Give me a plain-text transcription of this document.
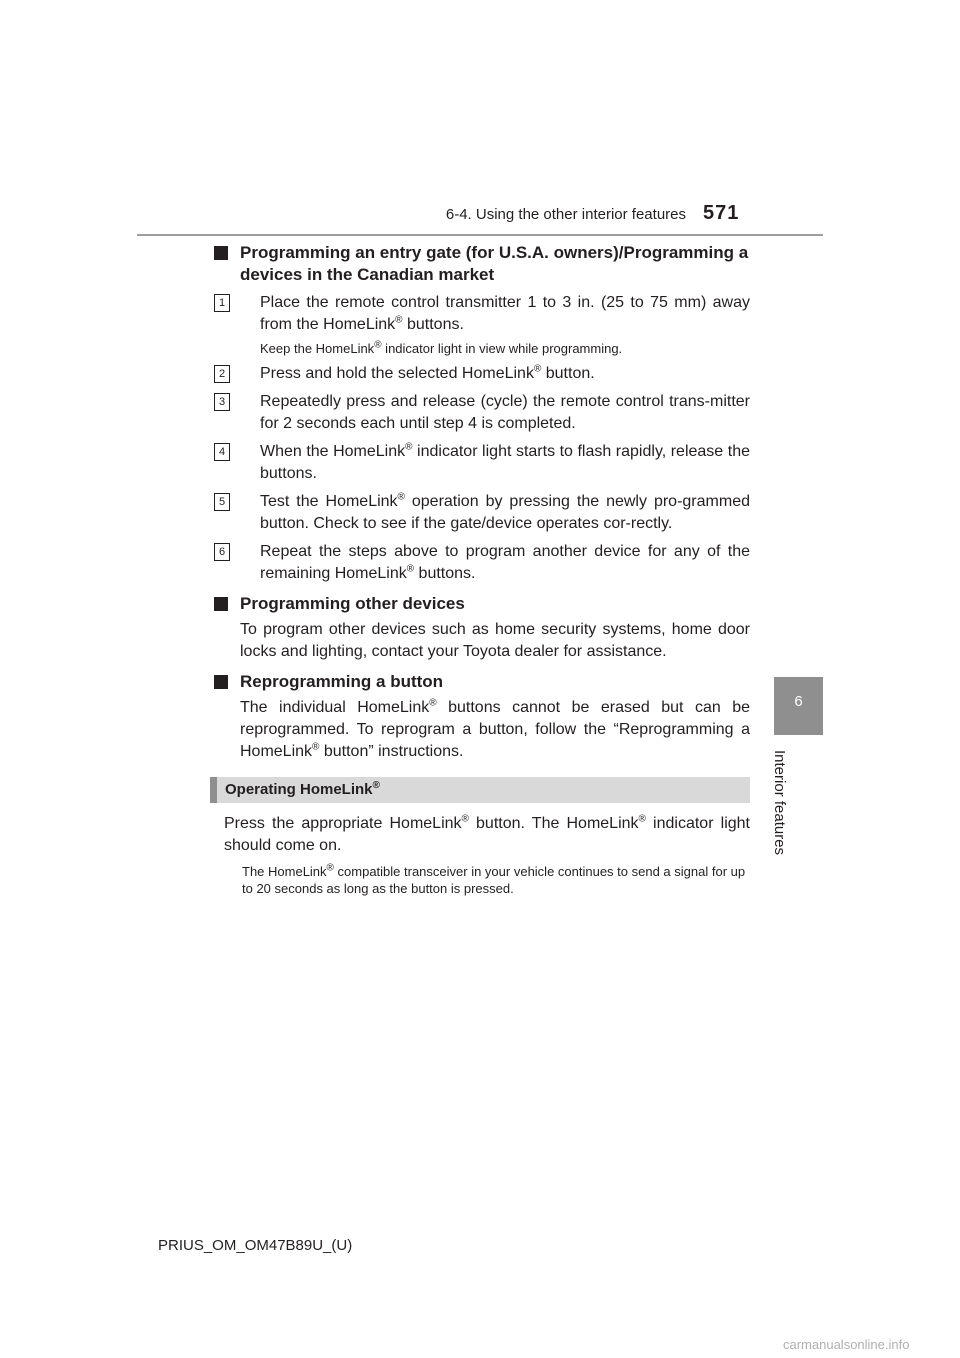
6-4. Using the other interior features 571
6
Interior features
Programming an entry gate (for U.S.A. owners)/Programming a devices in the Canadian market
1	Place the remote control transmitter 1 to 3 in. (25 to 75 mm) away from the HomeLink® buttons.
Keep the HomeLink® indicator light in view while programming.
2	Press and hold the selected HomeLink® button.
3	Repeatedly press and release (cycle) the remote control trans-mitter for 2 seconds each until step 4 is completed.
4	When the HomeLink® indicator light starts to flash rapidly, release the buttons.
5	Test the HomeLink® operation by pressing the newly pro-grammed button. Check to see if the gate/device operates cor-rectly.
6	Repeat the steps above to program another device for any of the remaining HomeLink® buttons.
Programming other devices
To program other devices such as home security systems, home door locks and lighting, contact your Toyota dealer for assistance.
Reprogramming a button
The individual HomeLink® buttons cannot be erased but can be reprogrammed. To reprogram a button, follow the “Reprogramming a HomeLink® button” instructions.
Operating HomeLink®
Press the appropriate HomeLink® button. The HomeLink® indicator light should come on.
The HomeLink® compatible transceiver in your vehicle continues to send a signal for up to 20 seconds as long as the button is pressed.
PRIUS_OM_OM47B89U_(U)
carmanualsonline.info
